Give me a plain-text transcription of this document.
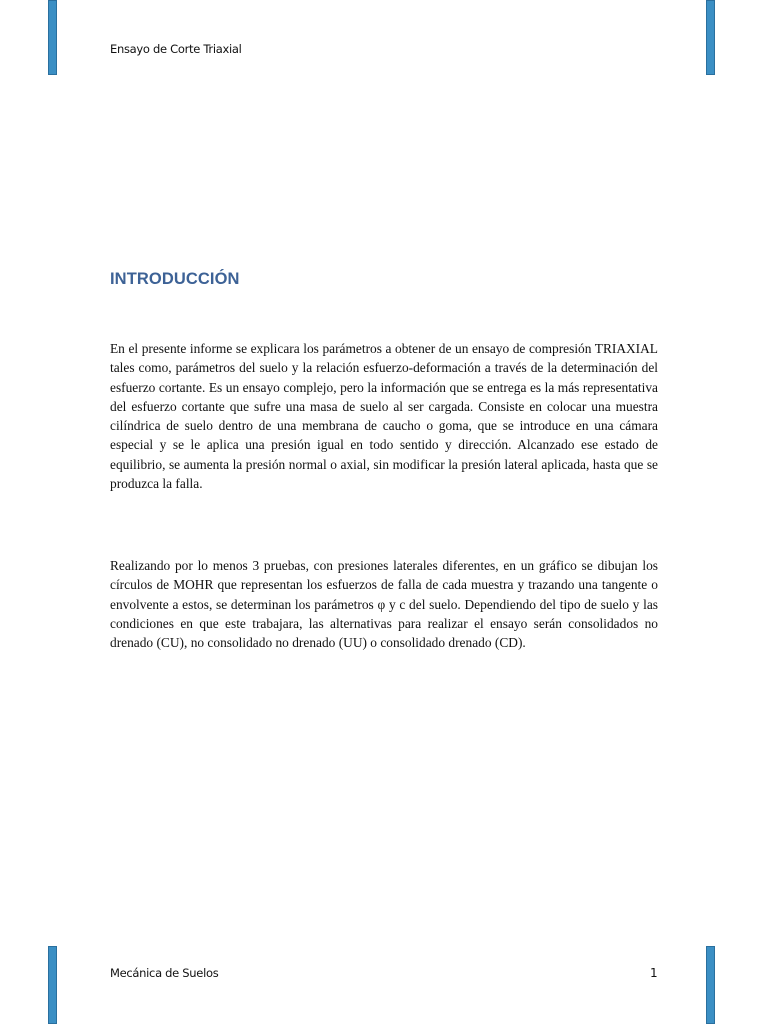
Ensayo de Corte Triaxial
INTRODUCCIÓN
En el presente informe se explicara los parámetros a obtener de un ensayo de compresión TRIAXIAL tales como, parámetros del suelo y la relación esfuerzo-deformación a través de la determinación del esfuerzo cortante. Es un ensayo complejo, pero la información que se entrega es la más representativa del esfuerzo cortante que sufre una masa de suelo al ser cargada. Consiste en colocar una muestra cilíndrica de suelo dentro de una membrana de caucho o goma, que se introduce en una cámara especial y se le aplica una presión igual en todo sentido y dirección. Alcanzado ese estado de equilibrio, se aumenta la presión normal o axial, sin modificar la presión lateral aplicada, hasta que se produzca la falla.
Realizando por lo menos 3 pruebas, con presiones laterales diferentes, en un gráfico se dibujan los círculos de MOHR que representan los esfuerzos de falla de cada muestra y trazando una tangente o envolvente a estos, se determinan los parámetros φ y c del suelo. Dependiendo del tipo de suelo y las condiciones en que este trabajara, las alternativas para realizar el ensayo serán consolidados no drenado (CU), no consolidado no drenado (UU) o consolidado drenado (CD).
Mecánica de Suelos	1
